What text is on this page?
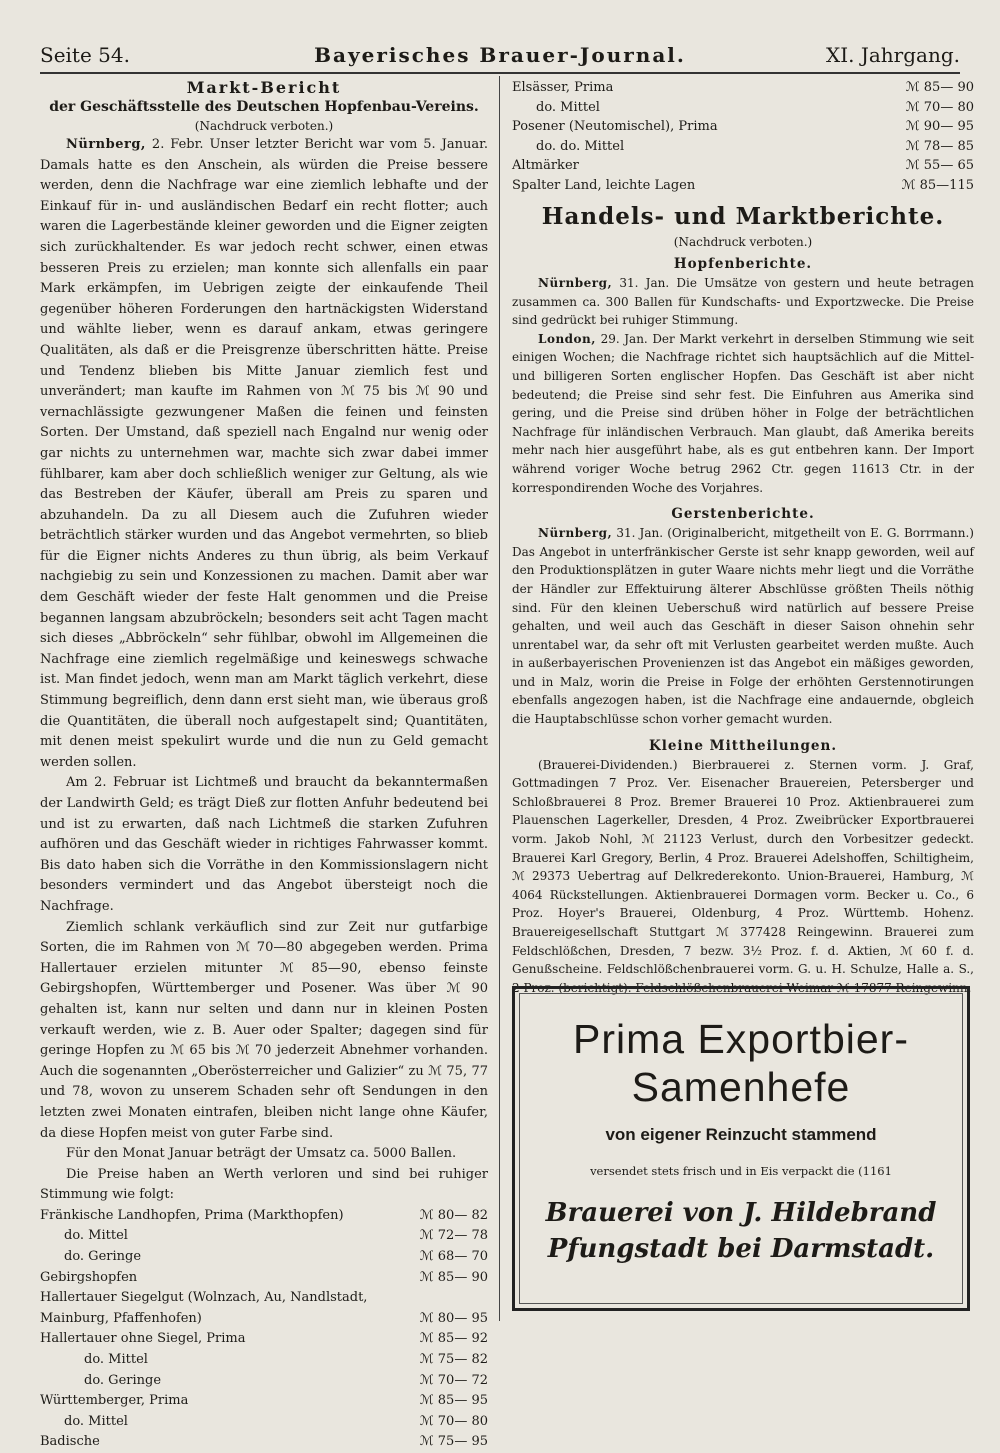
Seite 54.	Bayerisches Brauer-Journal.	XI. Jahrgang.
Markt-Bericht
der Geschäftsstelle des Deutschen Hopfenbau-Vereins.
(Nachdruck verboten.)

Nürnberg, 2. Febr. Unser letzter Bericht war vom 5. Januar. Damals hatte es den Anschein, als würden die Preise bessere werden, denn die Nachfrage war eine ziemlich lebhafte und der Einkauf für in- und ausländischen Bedarf ein recht flotter; auch waren die Lagerbestände kleiner geworden und die Eigner zeigten sich zurückhaltender. Es war jedoch recht schwer, einen etwas besseren Preis zu erzielen; man konnte sich allenfalls ein paar Mark erkämpfen, im Uebrigen zeigte der einkaufende Theil gegenüber höheren Forderungen den hartnäckigsten Widerstand und wählte lieber, wenn es darauf ankam, etwas geringere Qualitäten, als daß er die Preisgrenze überschritten hätte. Preise und Tendenz blieben bis Mitte Januar ziemlich fest und unverändert; man kaufte im Rahmen von ℳ 75 bis ℳ 90 und vernachlässigte gezwungener Maßen die feinen und feinsten Sorten. Der Umstand, daß speziell nach Engalnd nur wenig oder gar nichts zu unternehmen war, machte sich zwar dabei immer fühlbarer, kam aber doch schließlich weniger zur Geltung, als wie das Bestreben der Käufer, überall am Preis zu sparen und abzuhandeln. Da zu all Diesem auch die Zufuhren wieder beträchtlich stärker wurden und das Angebot vermehrten, so blieb für die Eigner nichts Anderes zu thun übrig, als beim Verkauf nachgiebig zu sein und Konzessionen zu machen. Damit aber war dem Geschäft wieder der feste Halt genommen und die Preise begannen langsam abzubröckeln; besonders seit acht Tagen macht sich dieses „Abbröckeln“ sehr fühlbar, obwohl im Allgemeinen die Nachfrage eine ziemlich regelmäßige und keineswegs schwache ist. Man findet jedoch, wenn man am Markt täglich verkehrt, diese Stimmung begreiflich, denn dann erst sieht man, wie überaus groß die Quantitäten, die überall noch aufgestapelt sind; Quantitäten, mit denen meist spekulirt wurde und die nun zu Geld gemacht werden sollen.

Am 2. Februar ist Lichtmeß und braucht da bekanntermaßen der Landwirth Geld; es trägt Dieß zur flotten Anfuhr bedeutend bei und ist zu erwarten, daß nach Lichtmeß die starken Zufuhren aufhören und das Geschäft wieder in richtiges Fahrwasser kommt. Bis dato haben sich die Vorräthe in den Kommissionslagern nicht besonders vermindert und das Angebot übersteigt noch die Nachfrage.

Ziemlich schlank verkäuflich sind zur Zeit nur gutfarbige Sorten, die im Rahmen von ℳ 70—80 abgegeben werden. Prima Hallertauer erzielen mitunter ℳ 85—90, ebenso feinste Gebirgshopfen, Württemberger und Posener. Was über ℳ 90 gehalten ist, kann nur selten und dann nur in kleinen Posten verkauft werden, wie z. B. Auer oder Spalter; dagegen sind für geringe Hopfen zu ℳ 65 bis ℳ 70 jederzeit Abnehmer vorhanden. Auch die sogenannten „Oberösterreicher und Galizier“ zu ℳ 75, 77 und 78, wovon zu unserem Schaden sehr oft Sendungen in den letzten zwei Monaten eintrafen, bleiben nicht lange ohne Käufer, da diese Hopfen meist von guter Farbe sind.

Für den Monat Januar beträgt der Umsatz ca. 5000 Ballen.

Die Preise haben an Werth verloren und sind bei ruhiger Stimmung wie folgt:

Fränkische Landhopfen, Prima (Markthopfen)	ℳ 80— 82
do. Mittel	ℳ 72— 78
do. Geringe	ℳ 68— 70
Gebirgshopfen	ℳ 85— 90
Hallertauer Siegelgut (Wolnzach, Au, Nandlstadt, Mainburg, Pfaffenhofen)	ℳ 80— 95
Hallertauer ohne Siegel, Prima	ℳ 85— 92
do. Mittel	ℳ 75— 82
do. Geringe	ℳ 70— 72
Württemberger, Prima	ℳ 85— 95
do. Mittel	ℳ 70— 80
Badische	ℳ 75— 95
Elsässer, Prima	ℳ 85— 90
do. Mittel	ℳ 70— 80
Posener (Neutomischel), Prima	ℳ 90— 95
do. do. Mittel	ℳ 78— 85
Altmärker	ℳ 55— 65
Spalter Land, leichte Lagen	ℳ 85—115
Handels- und Marktberichte.
(Nachdruck verboten.)
Hopfenberichte.

Nürnberg, 31. Jan. Die Umsätze von gestern und heute betragen zusammen ca. 300 Ballen für Kundschafts- und Exportzwecke. Die Preise sind gedrückt bei ruhiger Stimmung.

London, 29. Jan. Der Markt verkehrt in derselben Stimmung wie seit einigen Wochen; die Nachfrage richtet sich hauptsächlich auf die Mittel- und billigeren Sorten englischer Hopfen. Das Geschäft ist aber nicht bedeutend; die Preise sind sehr fest. Die Einfuhren aus Amerika sind gering, und die Preise sind drüben höher in Folge der beträchtlichen Nachfrage für inländischen Verbrauch. Man glaubt, daß Amerika bereits mehr nach hier ausgeführt habe, als es gut entbehren kann. Der Import während voriger Woche betrug 2962 Ctr. gegen 11613 Ctr. in der korrespondirenden Woche des Vorjahres.

Gerstenberichte.

Nürnberg, 31. Jan. (Originalbericht, mitgetheilt von E. G. Borrmann.) Das Angebot in unterfränkischer Gerste ist sehr knapp geworden, weil auf den Produktionsplätzen in guter Waare nichts mehr liegt und die Vorräthe der Händler zur Effektuirung älterer Abschlüsse größten Theils nöthig sind. Für den kleinen Ueberschuß wird natürlich auf bessere Preise gehalten, und weil auch das Geschäft in dieser Saison ohnehin sehr unrentabel war, da sehr oft mit Verlusten gearbeitet werden mußte. Auch in außerbayerischen Provenienzen ist das Angebot ein mäßiges geworden, und in Malz, worin die Preise in Folge der erhöhten Gerstennotirungen ebenfalls angezogen haben, ist die Nachfrage eine andauernde, obgleich die Hauptabschlüsse schon vorher gemacht wurden.

Kleine Mittheilungen.

(Brauerei-Dividenden.) Bierbrauerei z. Sternen vorm. J. Graf, Gottmadingen 7 Proz. Ver. Eisenacher Brauereien, Petersberger und Schloßbrauerei 8 Proz. Bremer Brauerei 10 Proz. Aktienbrauerei zum Plauenschen Lagerkeller, Dresden, 4 Proz. Zweibrücker Exportbrauerei vorm. Jakob Nohl, ℳ 21123 Verlust, durch den Vorbesitzer gedeckt. Brauerei Karl Gregory, Berlin, 4 Proz. Brauerei Adelshoffen, Schiltigheim, ℳ 29373 Uebertrag auf Delkrederekonto. Union-Brauerei, Hamburg, ℳ 4064 Rückstellungen. Aktienbrauerei Dormagen vorm. Becker u. Co., 6 Proz. Hoyer's Brauerei, Oldenburg, 4 Proz. Württemb. Hohenz. Brauereigesellschaft Stuttgart ℳ 377428 Reingewinn. Brauerei zum Feldschlößchen, Dresden, 7 bezw. 3½ Proz. f. d. Aktien, ℳ 60 f. d. Genußscheine. Feldschlößchenbrauerei vorm. G. u. H. Schulze, Halle a. S., 2 Proz. (berichtigt). Feldschlößchenbrauerei Weimar ℳ 17877 Reingewinn.

Prima Exportbier-
Samenhefe
von eigener Reinzucht stammend
versendet stets frisch und in Eis verpackt die (1161
Brauerei von J. Hildebrand
Pfungstadt bei Darmstadt.
